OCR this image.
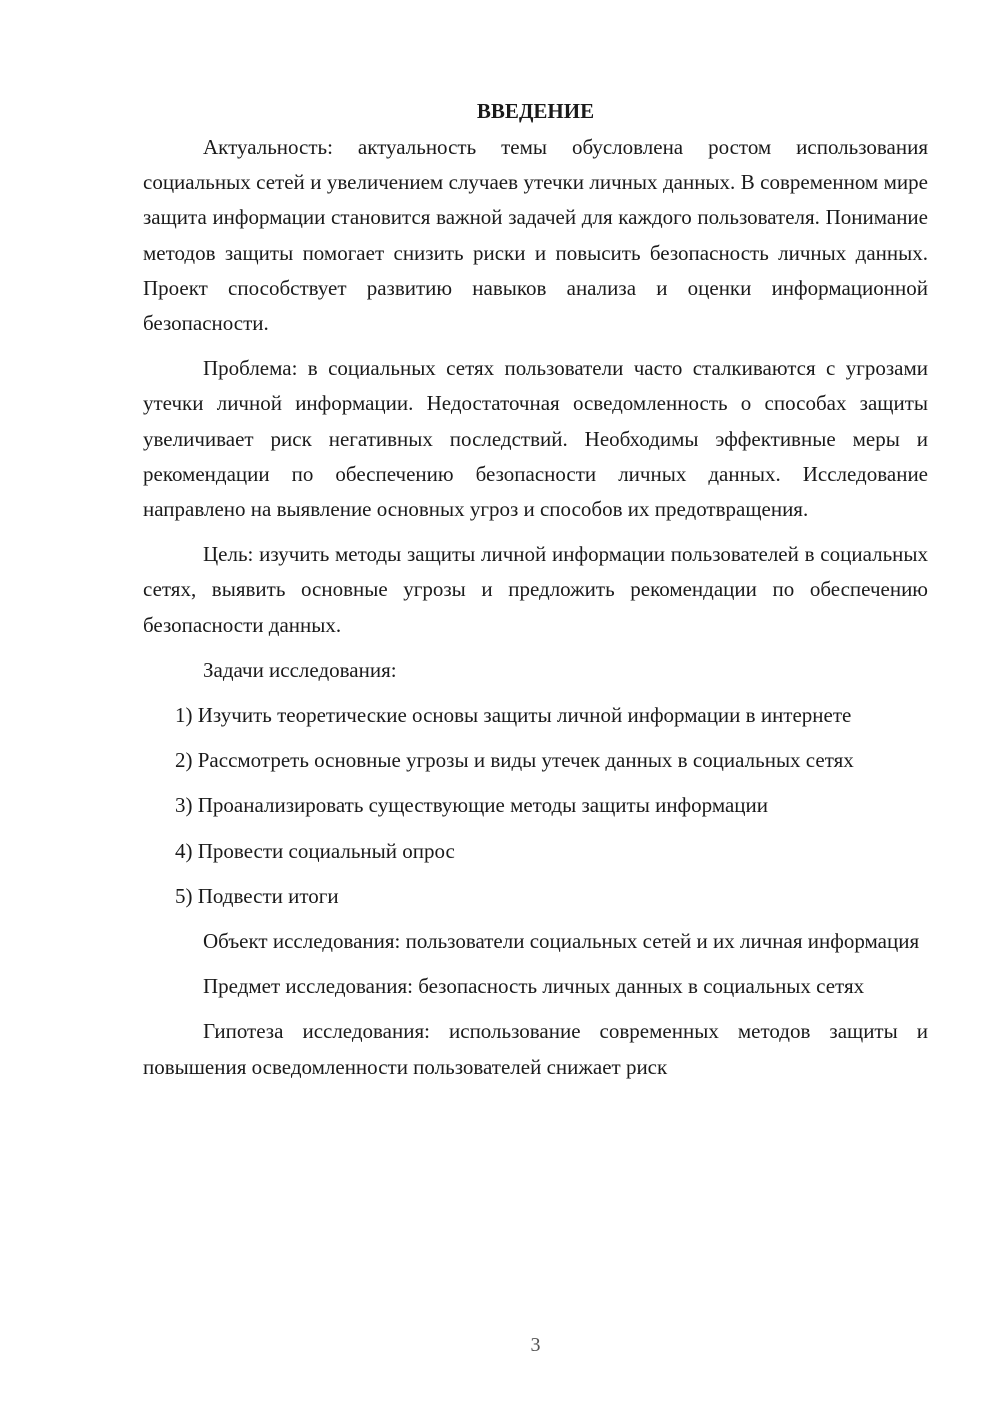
ВВЕДЕНИЕ

Актуальность: актуальность темы обусловлена ростом использования социальных сетей и увеличением случаев утечки личных данных. В современном мире защита информации становится важной задачей для каждого пользователя. Понимание методов защиты помогает снизить риски и повысить безопасность личных данных. Проект способствует развитию навыков анализа и оценки информационной безопасности.

Проблема: в социальных сетях пользователи часто сталкиваются с угрозами утечки личной информации. Недостаточная осведомленность о способах защиты увеличивает риск негативных последствий. Необходимы эффективные меры и рекомендации по обеспечению безопасности личных данных. Исследование направлено на выявление основных угроз и способов их предотвращения.

Цель: изучить методы защиты личной информации пользователей в социальных сетях, выявить основные угрозы и предложить рекомендации по обеспечению безопасности данных.

Задачи исследования:

1) Изучить теоретические основы защиты личной информации в интернете

2) Рассмотреть основные угрозы и виды утечек данных в социальных сетях

3) Проанализировать существующие методы защиты информации

4) Провести социальный опрос

5) Подвести итоги

Объект исследования: пользователи социальных сетей и их личная информация

Предмет исследования: безопасность личных данных в социальных сетях

Гипотеза исследования: использование современных методов защиты и повышения осведомленности пользователей снижает риск

3
